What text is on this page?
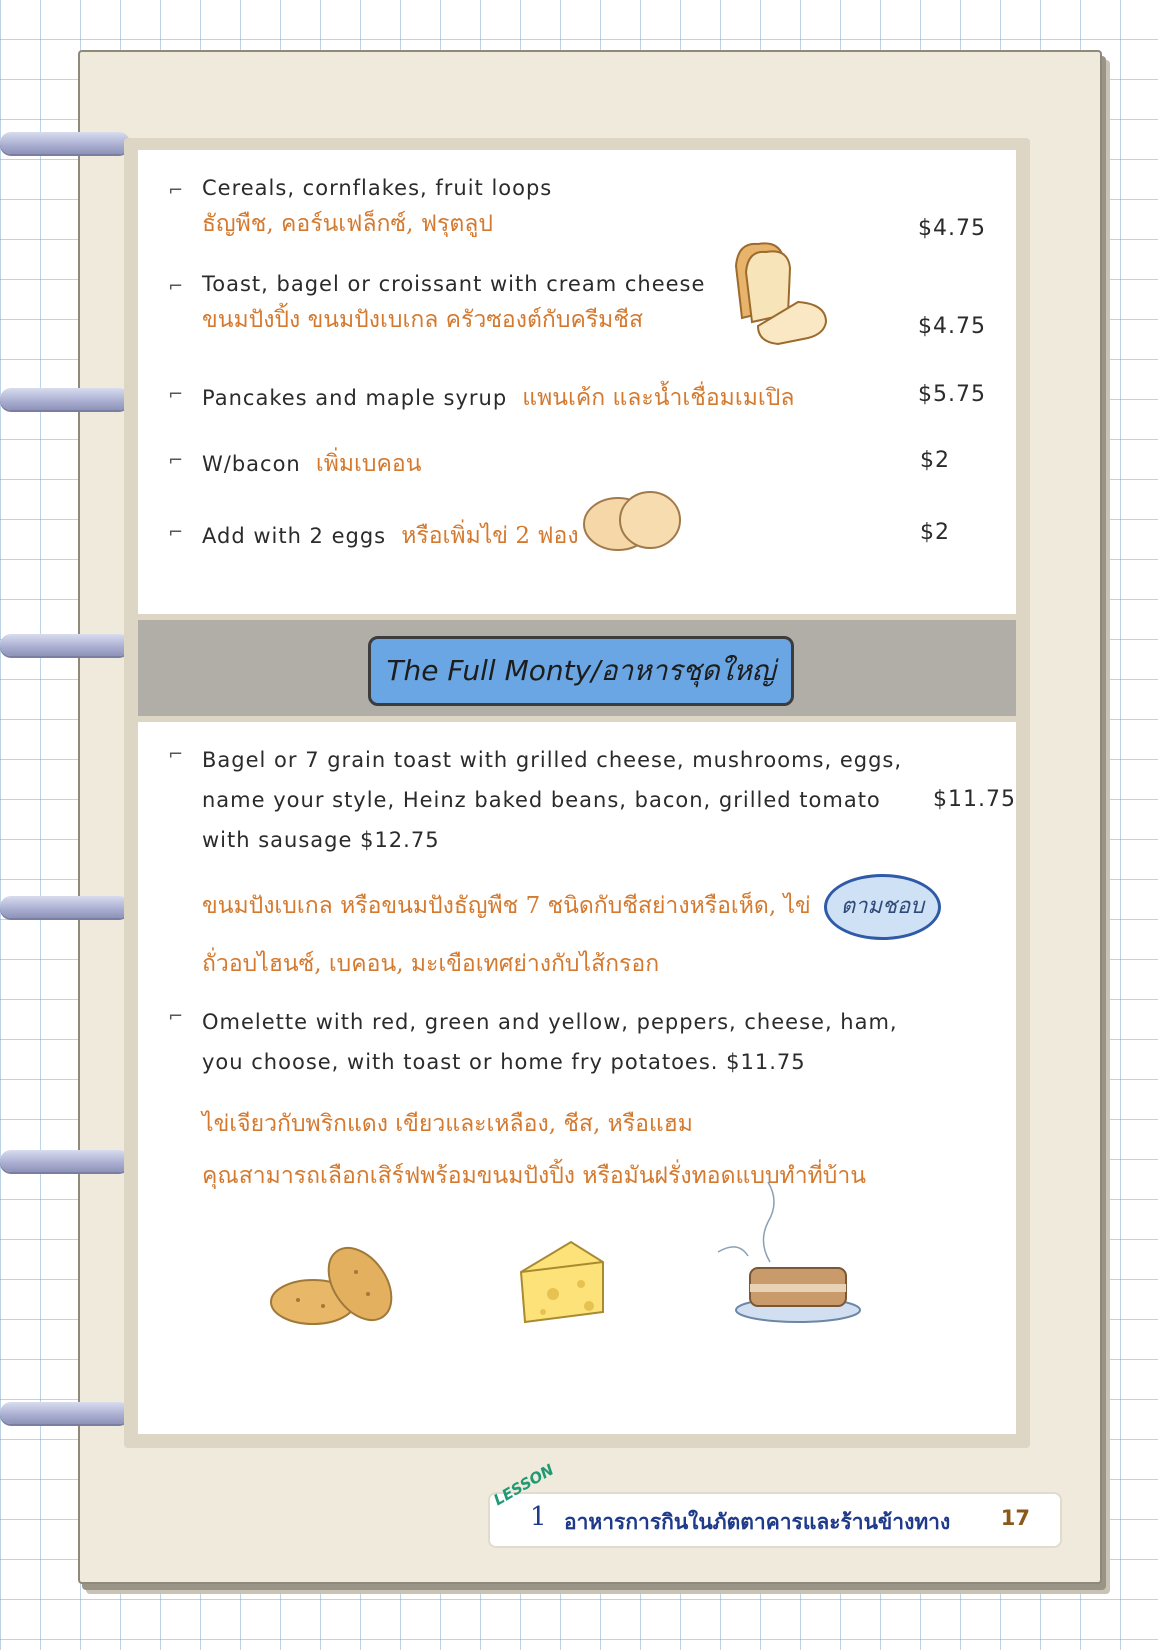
⌐ Cereals, cornflakes, fruit loops
ธัญพืช, คอร์นเฟล็กซ์, ฟรุตลูป	$4.75
⌐ Toast, bagel or croissant with cream cheese
ขนมปังปิ้ง ขนมปังเบเกล ครัวซองต์กับครีมชีส	$4.75
⌐ Pancakes and maple syrup แพนเค้ก และน้ำเชื่อมเมเปิล	$5.75
⌐ W/bacon เพิ่มเบคอน	$2
⌐ Add with 2 eggs หรือเพิ่มไข่ 2 ฟอง	$2
The Full Monty/อาหารชุดใหญ่
⌐ Bagel or 7 grain toast with grilled cheese, mushrooms, eggs,
name your style, Heinz baked beans, bacon, grilled tomato $11.75
with sausage $12.75
ขนมปังเบเกล หรือขนมปังธัญพืช 7 ชนิดกับชีสย่างหรือเห็ด, ไข่ ตามชอบ
ถั่วอบไฮนซ์, เบคอน, มะเขือเทศย่างกับไส้กรอก
⌐ Omelette with red, green and yellow, peppers, cheese, ham,
you choose, with toast or home fry potatoes. $11.75
ไข่เจียวกับพริกแดง เขียวและเหลือง, ชีส, หรือแฮม
คุณสามารถเลือกเสิร์ฟพร้อมขนมปังปิ้ง หรือมันฝรั่งทอดแบบทำที่บ้าน
1 อาหารการกินในภัตตาคารและร้านข้างทาง 17
LESSON
